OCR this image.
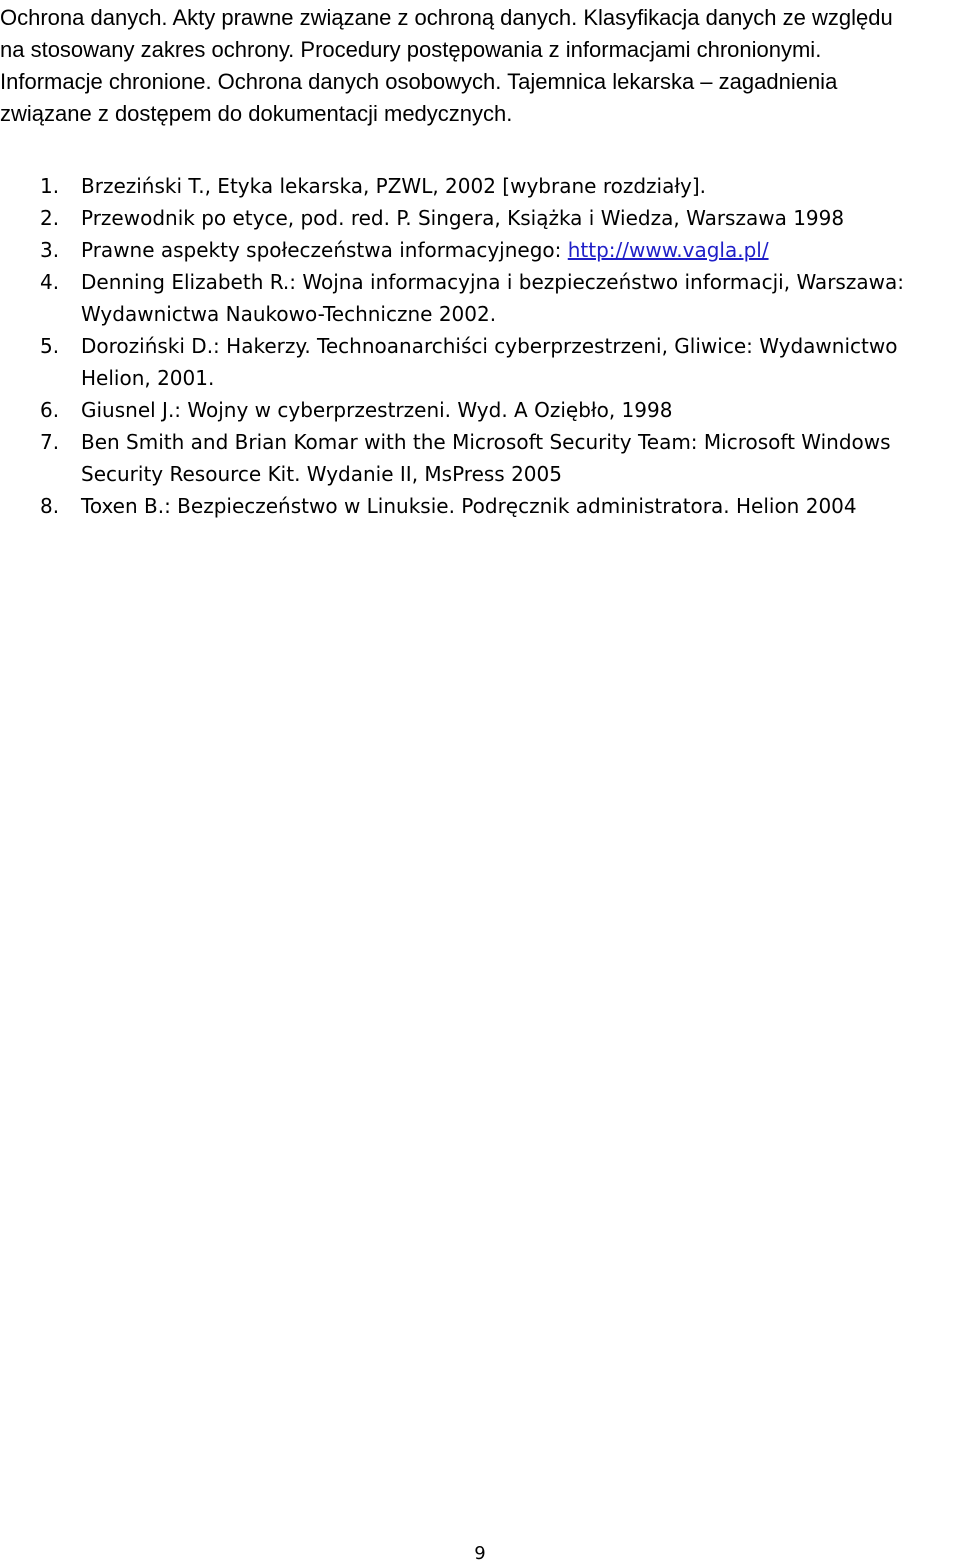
Ochrona danych. Akty prawne związane z ochroną danych. Klasyfikacja danych ze względu
na stosowany zakres ochrony. Procedury postępowania z informacjami chronionymi.
Informacje chronione. Ochrona danych osobowych. Tajemnica lekarska – zagadnienia
związane z dostępem do dokumentacji medycznych.
1. Brzeziński T., Etyka lekarska, PZWL, 2002 [wybrane rozdziały].
2. Przewodnik po etyce, pod. red. P. Singera, Książka i Wiedza, Warszawa 1998
3. Prawne aspekty społeczeństwa informacyjnego: http://www.vagla.pl/
4. Denning Elizabeth R.: Wojna informacyjna i bezpieczeństwo informacji, Warszawa:
Wydawnictwa Naukowo-Techniczne 2002.
5. Doroziński D.: Hakerzy. Technoanarchiści cyberprzestrzeni, Gliwice: Wydawnictwo
Helion, 2001.
6. Giusnel J.: Wojny w cyberprzestrzeni. Wyd. A Oziębło, 1998
7. Ben Smith and Brian Komar with the Microsoft Security Team: Microsoft Windows
Security Resource Kit. Wydanie II, MsPress 2005
8. Toxen B.: Bezpieczeństwo w Linuksie. Podręcznik administratora. Helion 2004
9
